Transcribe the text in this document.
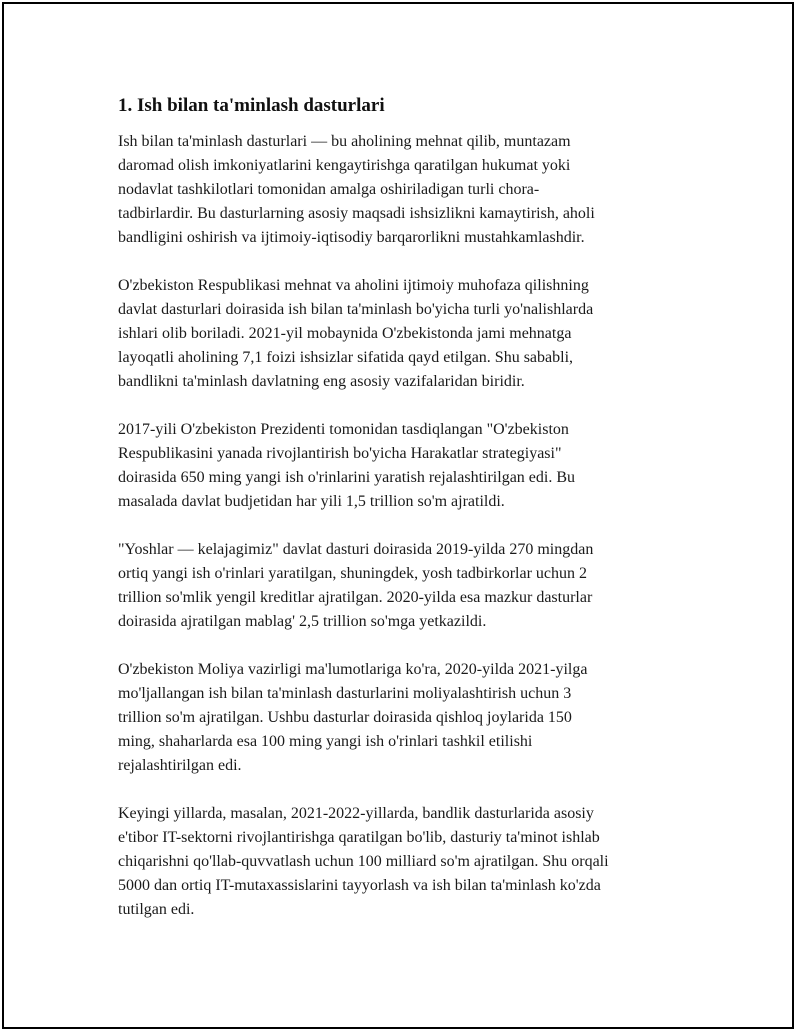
1. Ish bilan ta'minlash dasturlari

Ish bilan ta'minlash dasturlari — bu aholining mehnat qilib, muntazam
daromad olish imkoniyatlarini kengaytirishga qaratilgan hukumat yoki
nodavlat tashkilotlari tomonidan amalga oshiriladigan turli chora-
tadbirlardir. Bu dasturlarning asosiy maqsadi ishsizlikni kamaytirish, aholi
bandligini oshirish va ijtimoiy-iqtisodiy barqarorlikni mustahkamlashdir.

O'zbekiston Respublikasi mehnat va aholini ijtimoiy muhofaza qilishning
davlat dasturlari doirasida ish bilan ta'minlash bo'yicha turli yo'nalishlarda
ishlari olib boriladi. 2021-yil mobaynida O'zbekistonda jami mehnatga
layoqatli aholining 7,1 foizi ishsizlar sifatida qayd etilgan. Shu sababli,
bandlikni ta'minlash davlatning eng asosiy vazifalaridan biridir.

2017-yili O'zbekiston Prezidenti tomonidan tasdiqlangan "O'zbekiston
Respublikasini yanada rivojlantirish bo'yicha Harakatlar strategiyasi"
doirasida 650 ming yangi ish o'rinlarini yaratish rejalashtirilgan edi. Bu
masalada davlat budjetidan har yili 1,5 trillion so'm ajratildi.

"Yoshlar — kelajagimiz" davlat dasturi doirasida 2019-yilda 270 mingdan
ortiq yangi ish o'rinlari yaratilgan, shuningdek, yosh tadbirkorlar uchun 2
trillion so'mlik yengil kreditlar ajratilgan. 2020-yilda esa mazkur dasturlar
doirasida ajratilgan mablag' 2,5 trillion so'mga yetkazildi.

O'zbekiston Moliya vazirligi ma'lumotlariga ko'ra, 2020-yilda 2021-yilga
mo'ljallangan ish bilan ta'minlash dasturlarini moliyalashtirish uchun 3
trillion so'm ajratilgan. Ushbu dasturlar doirasida qishloq joylarida 150
ming, shaharlarda esa 100 ming yangi ish o'rinlari tashkil etilishi
rejalashtirilgan edi.

Keyingi yillarda, masalan, 2021-2022-yillarda, bandlik dasturlarida asosiy
e'tibor IT-sektorni rivojlantirishga qaratilgan bo'lib, dasturiy ta'minot ishlab
chiqarishni qo'llab-quvvatlash uchun 100 milliard so'm ajratilgan. Shu orqali
5000 dan ortiq IT-mutaxassislarini tayyorlash va ish bilan ta'minlash ko'zda
tutilgan edi.
